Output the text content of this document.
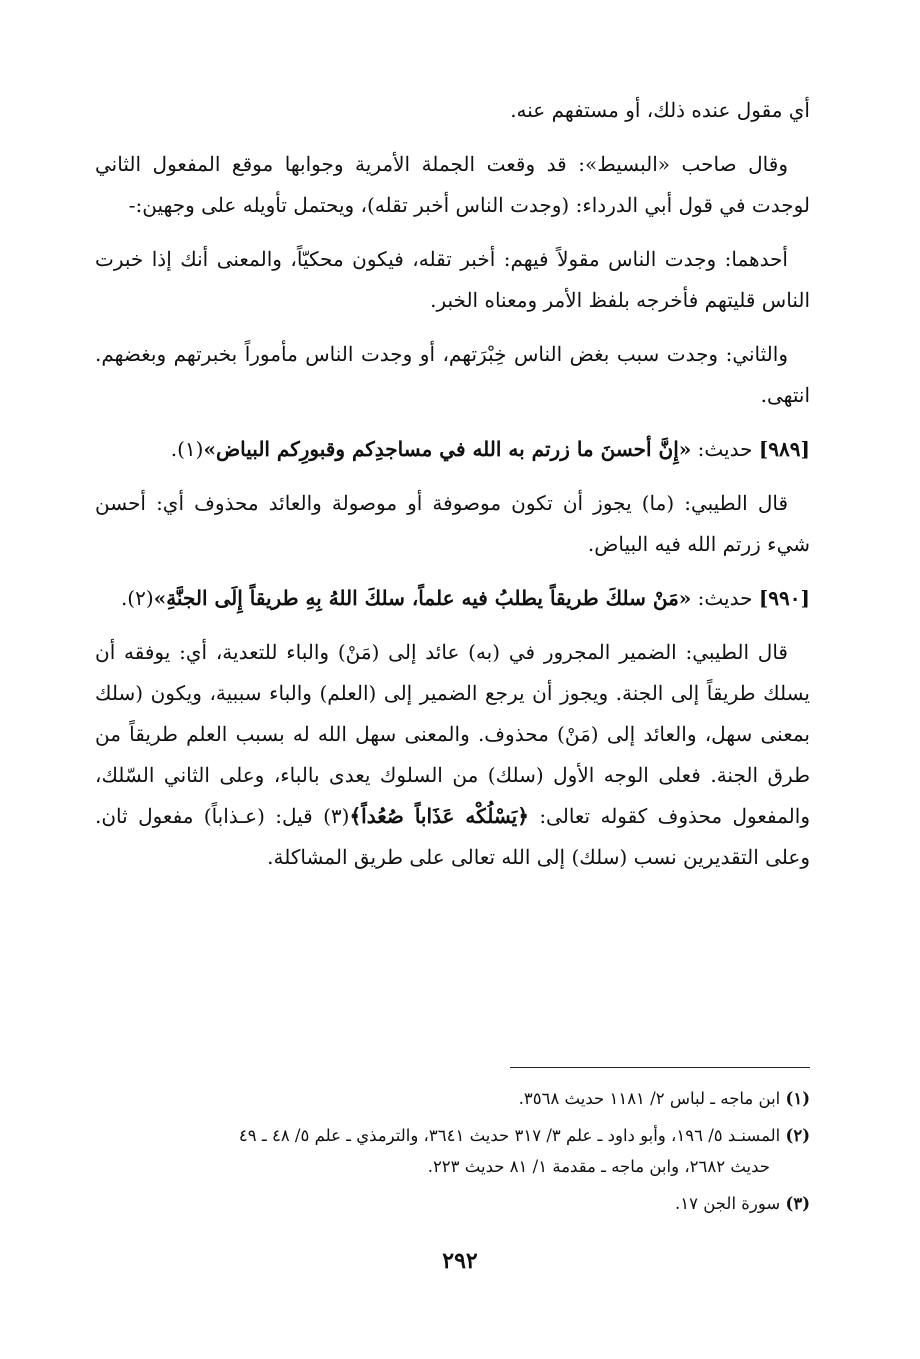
أي مقول عنده ذلك، أو مستفهم عنه.

وقال صاحب «البسيط»: قد وقعت الجملة الأمرية وجوابها موقع المفعول الثاني لوجدت في قول أبي الدرداء: (وجدت الناس أخبر تقله)، ويحتمل تأويله على وجهين:-

أحدهما: وجدت الناس مقولاً فيهم: أخبر تقله، فيكون محكيّاً، والمعنى أنك إذا خبرت الناس قليتهم فأخرجه بلفظ الأمر ومعناه الخبر.

والثاني: وجدت سبب بغض الناس خِبْرَتهم، أو وجدت الناس مأموراً بخبرتهم وبغضهم. انتهى.

[٩٨٩] حديث: «إِنَّ أحسنَ ما زرتم به الله في مساجدِكم وقبورِكم البياض»(١).

قال الطيبي: (ما) يجوز أن تكون موصوفة أو موصولة والعائد محذوف أي: أحسن شيء زرتم الله فيه البياض.

[٩٩٠] حديث: «مَنْ سلكَ طريقاً يطلبُ فيه علماً، سلكَ اللهُ بِهِ طريقاً إِلَى الجنَّةِ»(٢).

قال الطيبي: الضمير المجرور في (به) عائد إلى (مَنْ) والباء للتعدية، أي: يوفقه أن يسلك طريقاً إلى الجنة. ويجوز أن يرجع الضمير إلى (العلم) والباء سببية، ويكون (سلك بمعنى سهل، والعائد إلى (مَنْ) محذوف. والمعنى سهل الله له بسبب العلم طريقاً من طرق الجنة. فعلى الوجه الأول (سلك) من السلوك يعدى بالباء، وعلى الثاني السّلك، والمفعول محذوف كقوله تعالى: ﴿يَسْلُكْه عَذَاباً صُعُداً﴾(٣) قيل: (عـذاباً) مفعول ثان. وعلى التقديرين نسب (سلك) إلى الله تعالى على طريق المشاكلة.

(١) ابن ماجه ـ لباس ٢/ ١١٨١ حديث ٣٥٦٨.

(٢) المسنـد ٥/ ١٩٦، وأبو داود ـ علم ٣/ ٣١٧ حديث ٣٦٤١، والترمذي ـ علم ٥/ ٤٨ ـ ٤٩
حديث ٢٦٨٢، وابن ماجه ـ مقدمة ١/ ٨١ حديث ٢٢٣.

(٣) سورة الجن ١٧.

٢٩٢
